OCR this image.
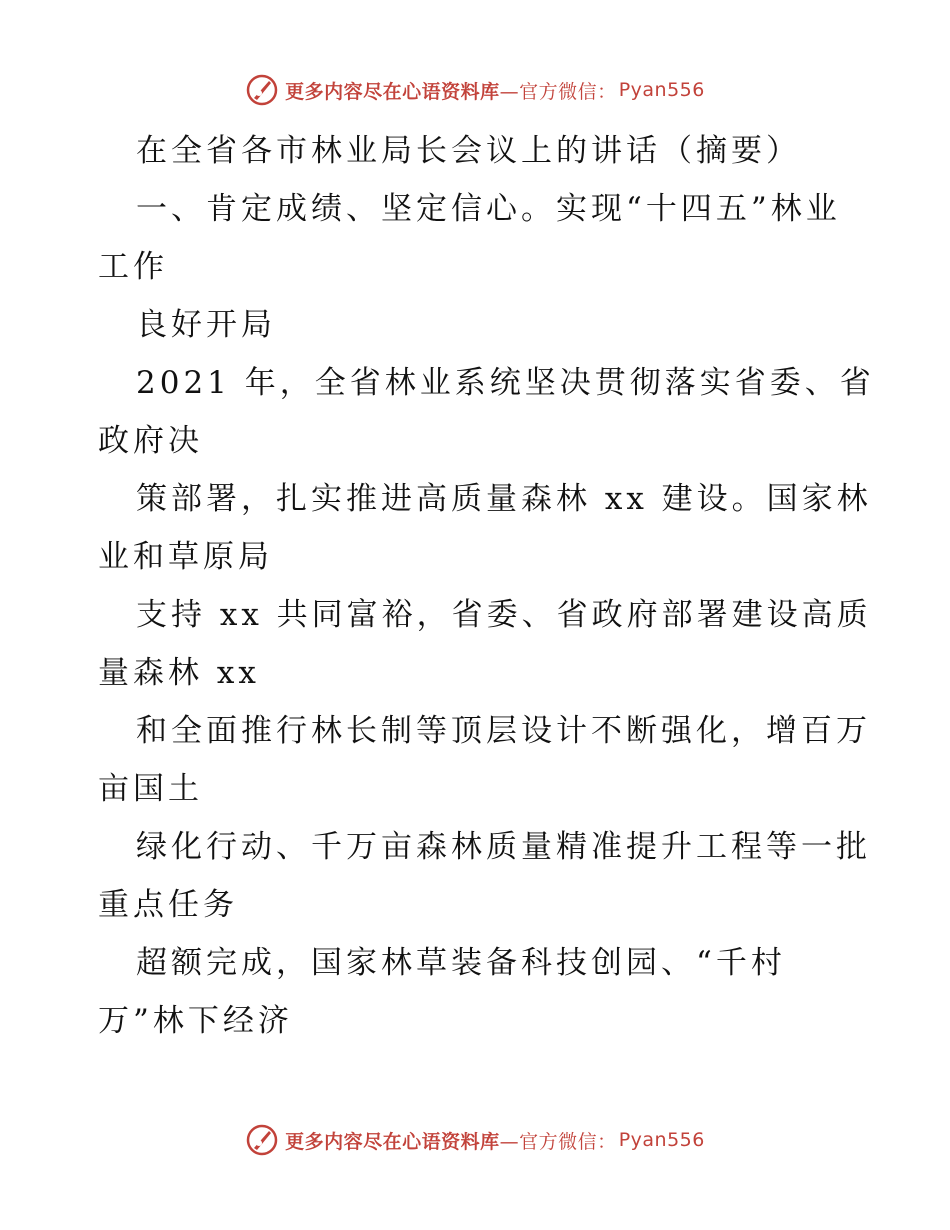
更多内容尽在心语资料库 —官方微信： Pyan556
在全省各市林业局长会议上的讲话（摘要）
一、肯定成绩、坚定信心。实现“十四五”林业
工作
良好开局
2021 年，全省林业系统坚决贯彻落实省委、省
政府决
策部署，扎实推进高质量森林 xx 建设。国家林
业和草原局
支持 xx 共同富裕，省委、省政府部署建设高质
量森林 xx
和全面推行林长制等顶层设计不断强化，增百万
亩国土
绿化行动、千万亩森林质量精准提升工程等一批
重点任务
超额完成，国家林草装备科技创园、“千村
万”林下经济
更多内容尽在心语资料库 —官方微信： Pyan556
